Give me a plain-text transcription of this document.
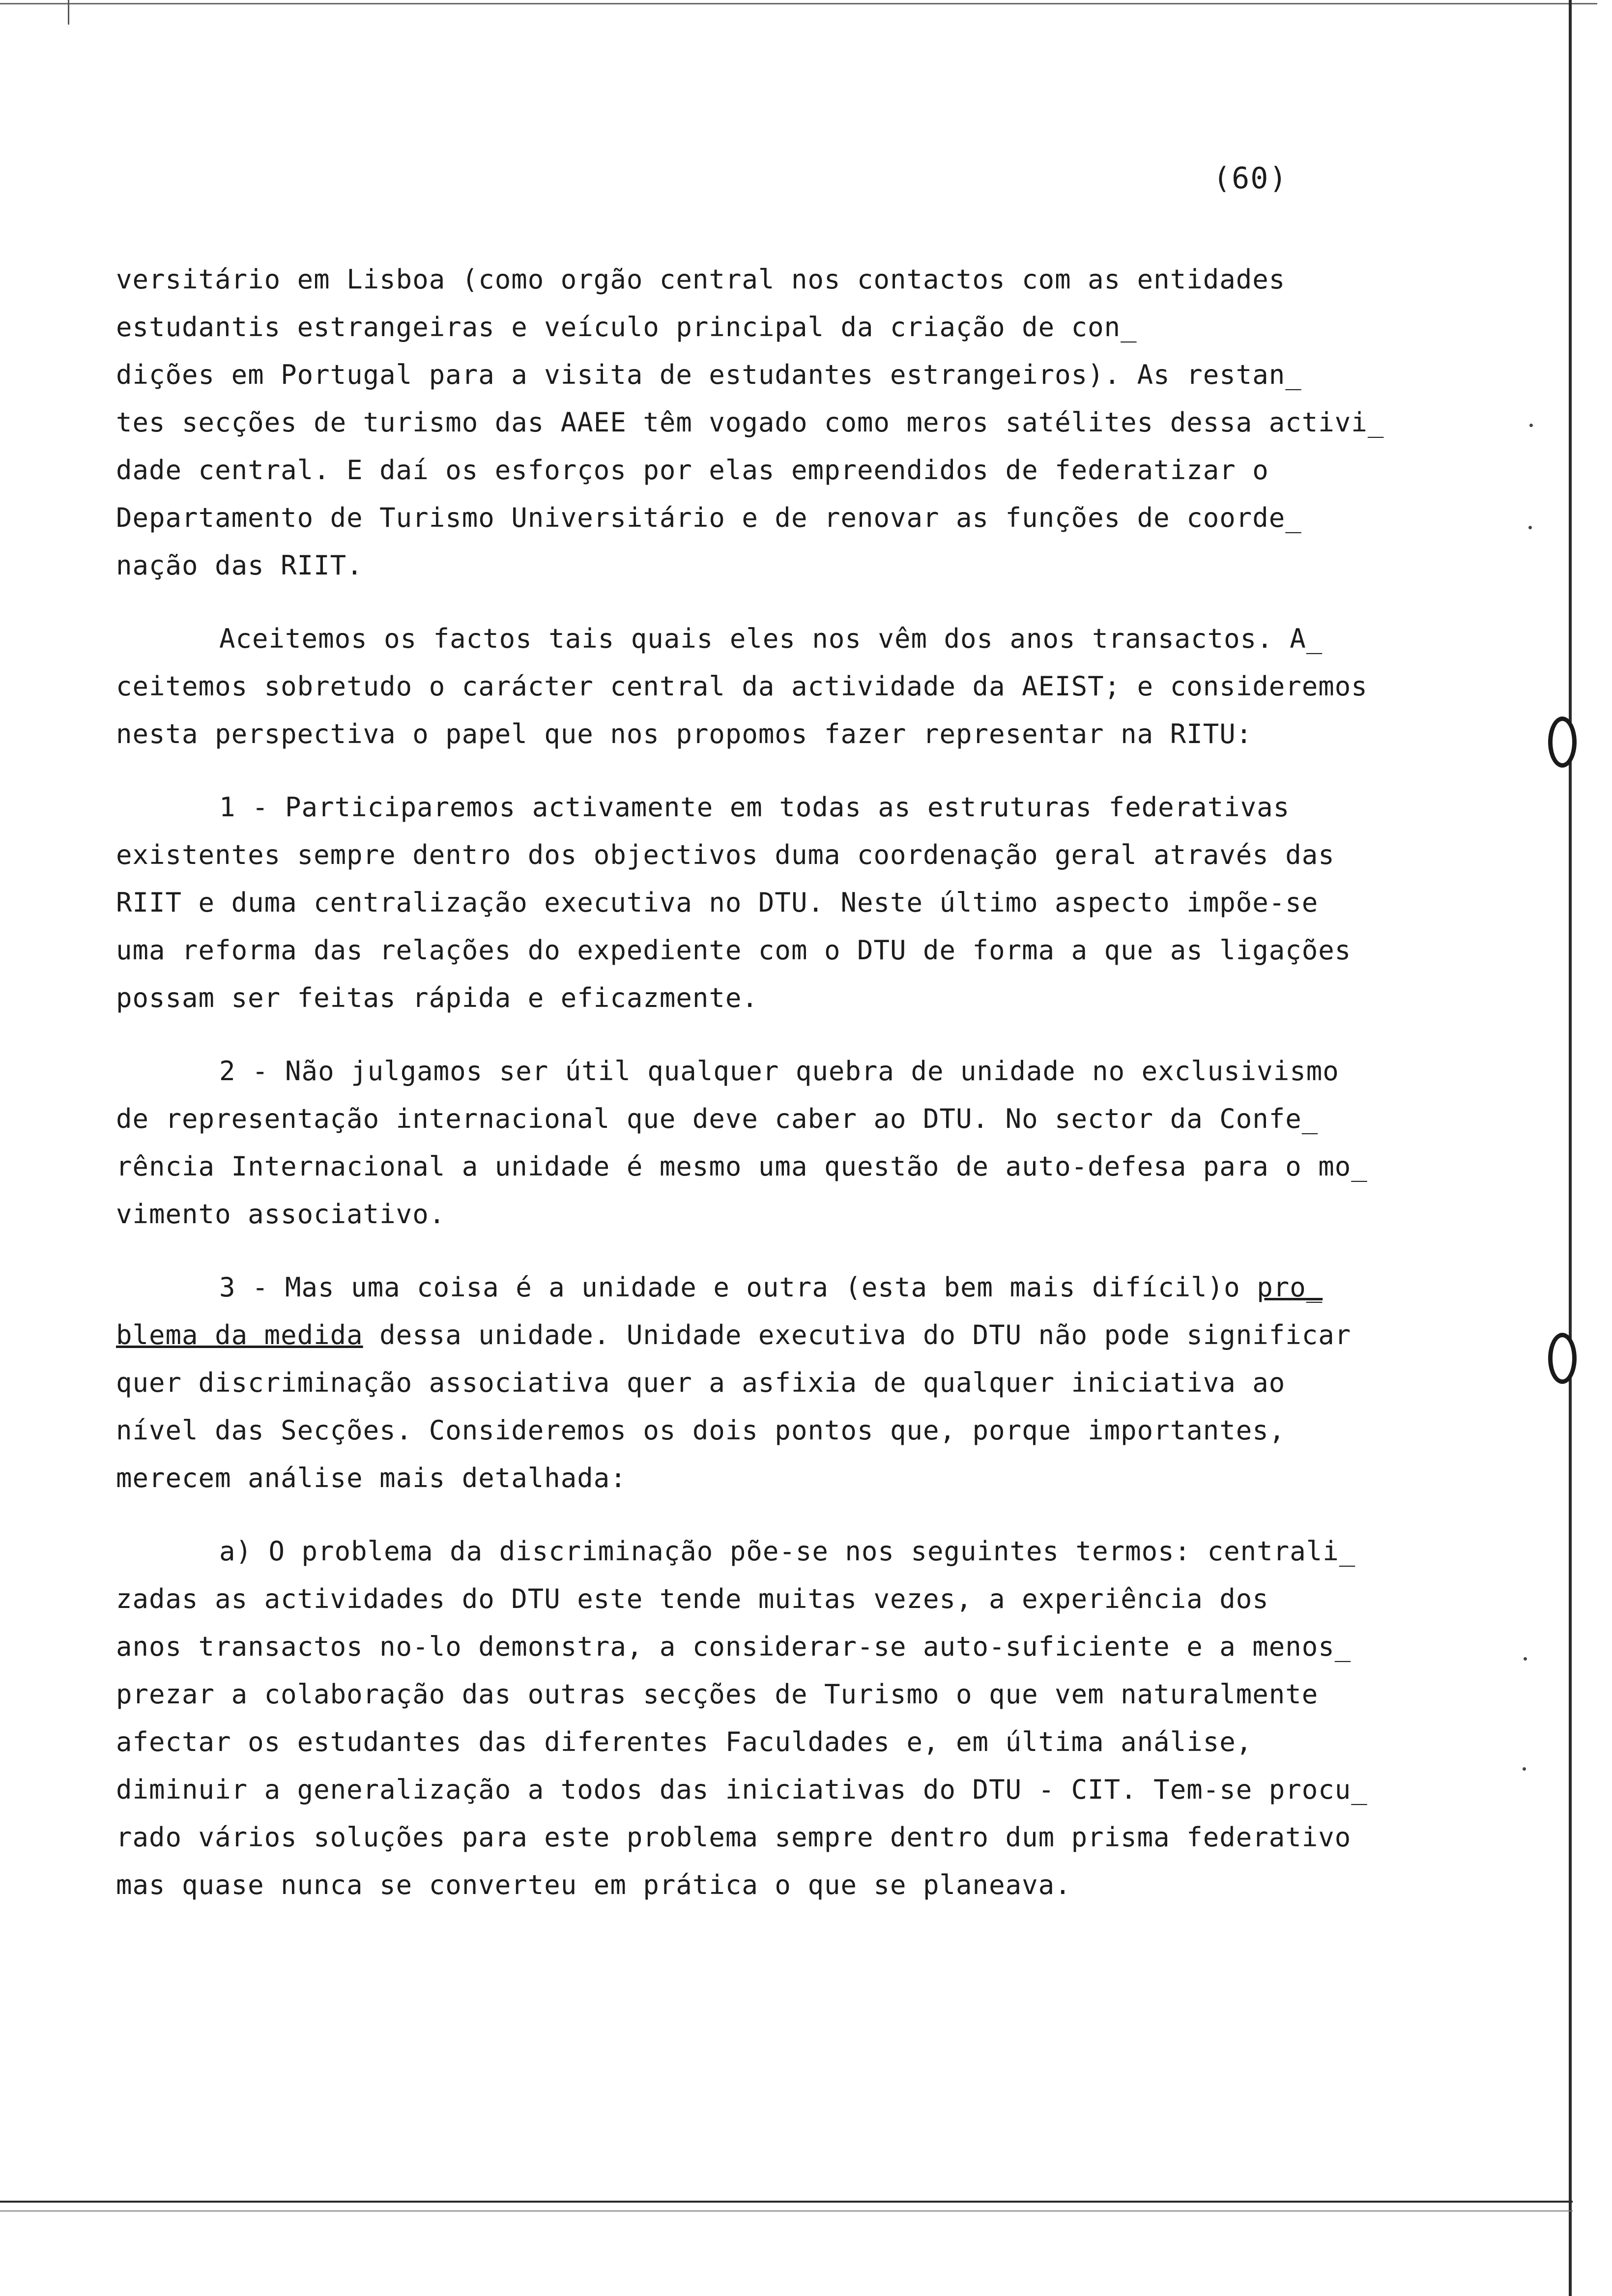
(60)

versitário em Lisboa (como orgão central nos contactos com as entidades
estudantis estrangeiras e veículo principal da criação de con_
dições em Portugal para a visita de estudantes estrangeiros). As restan_
tes secções de turismo das AAEE têm vogado como meros satélites dessa activi_
dade central. E daí os esforços por elas empreendidos de federatizar o
Departamento de Turismo Universitário e de renovar as funções de coorde_
nação das RIIT.

Aceitemos os factos tais quais eles nos vêm dos anos transactos. A_
ceitemos sobretudo o carácter central da actividade da AEIST; e consideremos
nesta perspectiva o papel que nos propomos fazer representar na RITU:

1 - Participaremos activamente em todas as estruturas federativas
existentes sempre dentro dos objectivos duma coordenação geral através das
RIIT e duma centralização executiva no DTU. Neste último aspecto impõe-se
uma reforma das relações do expediente com o DTU de forma a que as ligações
possam ser feitas rápida e eficazmente.

2 - Não julgamos ser útil qualquer quebra de unidade no exclusivismo
de representação internacional que deve caber ao DTU. No sector da Confe_
rência Internacional a unidade é mesmo uma questão de auto-defesa para o mo_
vimento associativo.

3 - Mas uma coisa é a unidade e outra (esta bem mais difícil)o pro_
blema da medida dessa unidade. Unidade executiva do DTU não pode significar
quer discriminação associativa quer a asfixia de qualquer iniciativa ao
nível das Secções. Consideremos os dois pontos que, porque importantes,
merecem análise mais detalhada:

a) O problema da discriminação põe-se nos seguintes termos: centrali_
zadas as actividades do DTU este tende muitas vezes, a experiência dos
anos transactos no-lo demonstra, a considerar-se auto-suficiente e a menos_
prezar a colaboração das outras secções de Turismo o que vem naturalmente
afectar os estudantes das diferentes Faculdades e, em última análise,
diminuir a generalização a todos das iniciativas do DTU - CIT. Tem-se procu_
rado vários soluções para este problema sempre dentro dum prisma federativo
mas quase nunca se converteu em prática o que se planeava.
